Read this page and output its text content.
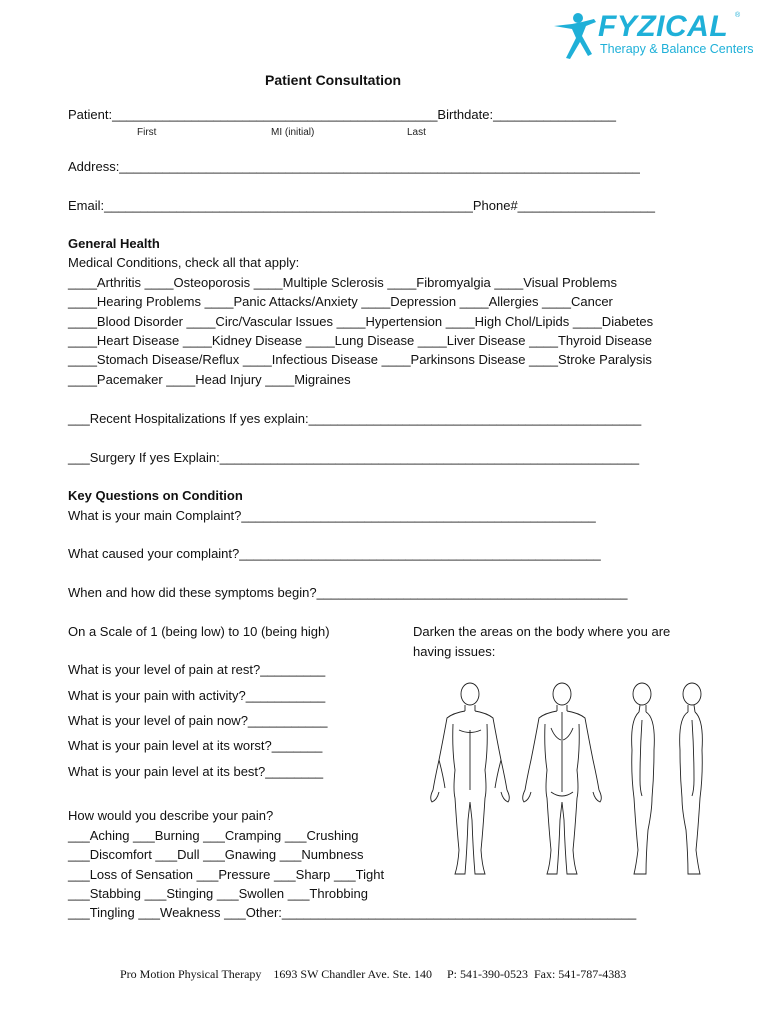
FYZICAL ®
Therapy & Balance Centers
Patient Consultation
Patient:_____________________________________________Birthdate:_________________
First	MI (initial)	Last
Address:________________________________________________________________________
Email:___________________________________________________Phone#___________________
General Health
Medical Conditions, check all that apply:
____Arthritis ____Osteoporosis ____Multiple Sclerosis ____Fibromyalgia ____Visual Problems
____Hearing Problems ____Panic Attacks/Anxiety ____Depression ____Allergies ____Cancer
____Blood Disorder ____Circ/Vascular Issues ____Hypertension ____High Chol/Lipids ____Diabetes
____Heart Disease ____Kidney Disease ____Lung Disease ____Liver Disease ____Thyroid Disease
____Stomach Disease/Reflux ____Infectious Disease ____Parkinsons Disease ____Stroke Paralysis
____Pacemaker ____Head Injury ____Migraines
___Recent Hospitalizations If yes explain:______________________________________________
___Surgery If yes Explain:__________________________________________________________
Key Questions on Condition
What is your main Complaint?_________________________________________________
What caused your complaint?__________________________________________________
When and how did these symptoms begin?___________________________________________
On a Scale of 1 (being low) to 10 (being high)
What is your level of pain at rest?_________
What is your pain with activity?___________
What is your level of pain now?___________
What is your pain level at its worst?_______
What is your pain level at its best?________
Darken the areas on the body where you are
having issues:
How would you describe your pain?
___Aching ___Burning ___Cramping ___Crushing
___Discomfort ___Dull ___Gnawing ___Numbness
___Loss of Sensation ___Pressure ___Sharp ___Tight
___Stabbing ___Stinging ___Swollen ___Throbbing
___Tingling ___Weakness ___Other:_________________________________________________
Pro Motion Physical Therapy    1693 SW Chandler Ave. Ste. 140     P: 541-390-0523  Fax: 541-787-4383
